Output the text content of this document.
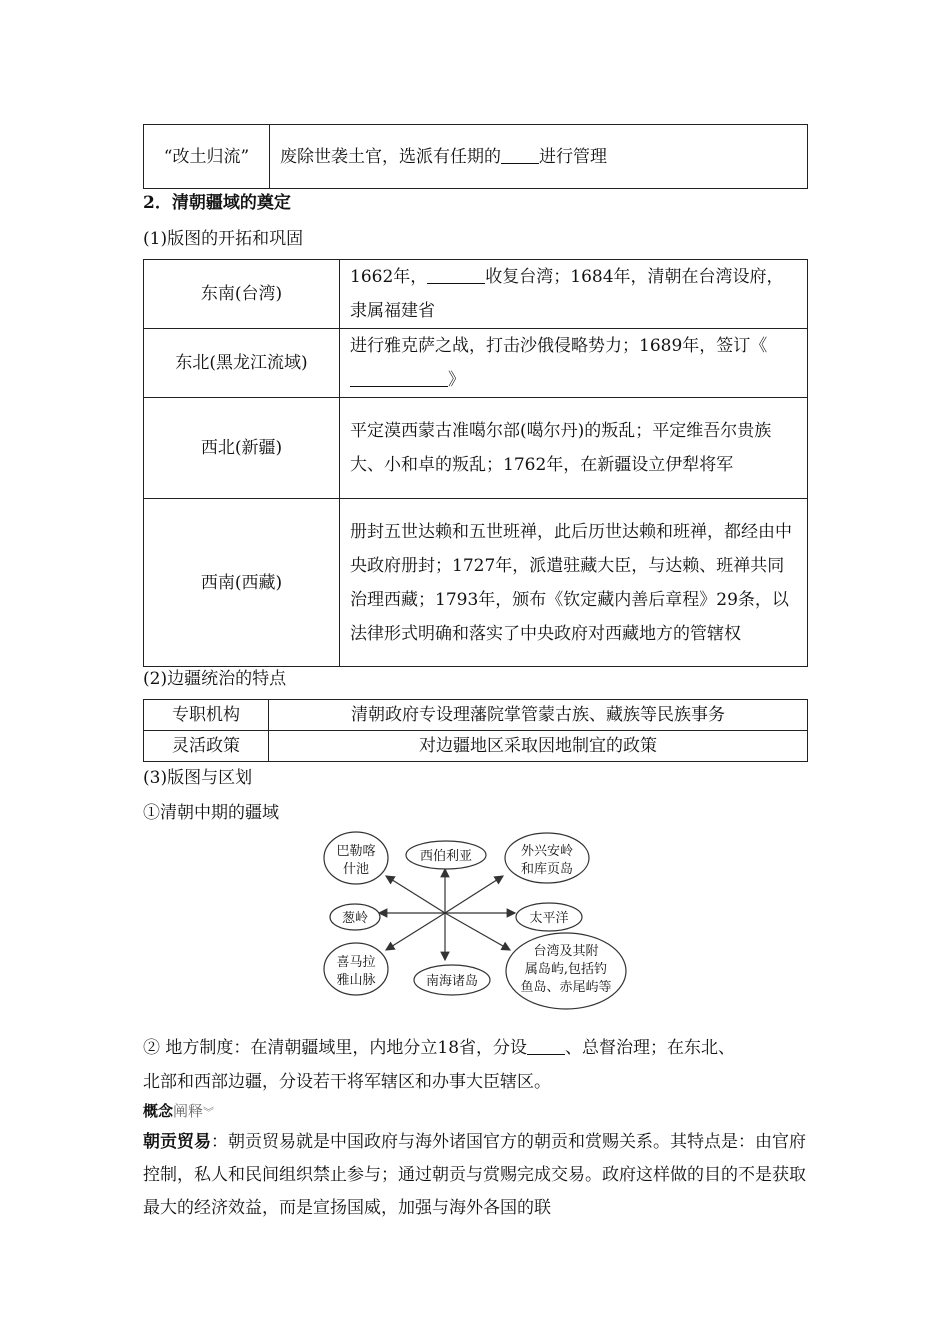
“改土归流”	废除世袭土官，选派有任期的 进行管理
2．清朝疆域的奠定
(1)版图的开拓和巩固
东南(台湾)	1662年， 收复台湾；1684年，清朝在台湾设府，隶属福建省
东北(黑龙江流域)	进行雅克萨之战，打击沙俄侵略势力；1689年，签订《》
西北(新疆)	平定漠西蒙古准噶尔部(噶尔丹)的叛乱；平定维吾尔贵族大、小和卓的叛乱；1762年，在新疆设立伊犁将军
西南(西藏)	册封五世达赖和五世班禅，此后历世达赖和班禅，都经由中央政府册封；1727年，派遣驻藏大臣，与达赖、班禅共同治理西藏；1793年，颁布《钦定藏内善后章程》29条，以法律形式明确和落实了中央政府对西藏地方的管辖权
(2)边疆统治的特点
专职机构	清朝政府专设理藩院掌管蒙古族、藏族等民族事务
灵活政策	对边疆地区采取因地制宜的政策
(3)版图与区划
①清朝中期的疆域
巴勒喀
什池
西伯利亚	外兴安岭
和库页岛
葱岭	太平洋
喜马拉
雅山脉	南海诸岛
台湾及其附
属岛屿,包括钓
鱼岛、赤尾屿等
② 地方制度：在清朝疆域里，内地分立18省，分设 、总督治理；在东北、
北部和西部边疆，分设若干将军辖区和办事大臣辖区。
概念阐释︾
朝贡贸易：朝贡贸易就是中国政府与海外诸国官方的朝贡和赏赐关系。其特点是：由官府控制，私人和民间组织禁止参与；通过朝贡与赏赐完成交易。政府这样做的目的不是获取最大的经济效益，而是宣扬国威，加强与海外各国的联
